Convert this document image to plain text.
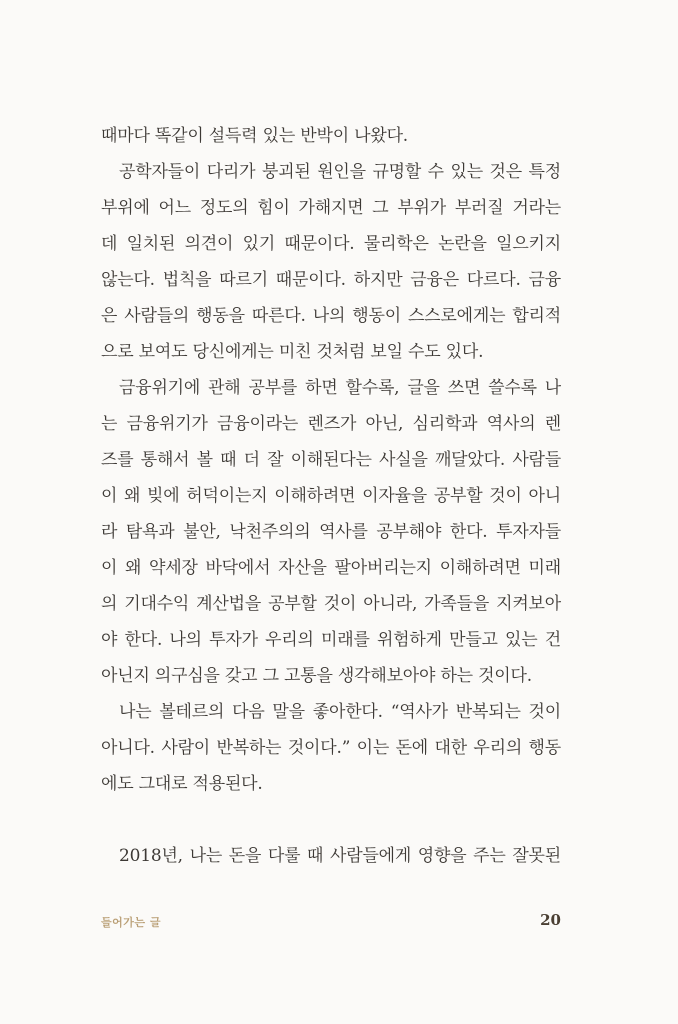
때마다 똑같이 설득력 있는 반박이 나왔다.
공학자들이 다리가 붕괴된 원인을 규명할 수 있는 것은 특정
부위에 어느 정도의 힘이 가해지면 그 부위가 부러질 거라는
데 일치된 의견이 있기 때문이다. 물리학은 논란을 일으키지
않는다. 법칙을 따르기 때문이다. 하지만 금융은 다르다. 금융
은 사람들의 행동을 따른다. 나의 행동이 스스로에게는 합리적
으로 보여도 당신에게는 미친 것처럼 보일 수도 있다.
금융위기에 관해 공부를 하면 할수록, 글을 쓰면 쓸수록 나
는 금융위기가 금융이라는 렌즈가 아닌, 심리학과 역사의 렌
즈를 통해서 볼 때 더 잘 이해된다는 사실을 깨달았다. 사람들
이 왜 빚에 허덕이는지 이해하려면 이자율을 공부할 것이 아니
라 탐욕과 불안, 낙천주의의 역사를 공부해야 한다. 투자자들
이 왜 약세장 바닥에서 자산을 팔아버리는지 이해하려면 미래
의 기대수익 계산법을 공부할 것이 아니라, 가족들을 지켜보아
야 한다. 나의 투자가 우리의 미래를 위험하게 만들고 있는 건
아닌지 의구심을 갖고 그 고통을 생각해보아야 하는 것이다.
나는 볼테르의 다음 말을 좋아한다. “역사가 반복되는 것이
아니다. 사람이 반복하는 것이다.” 이는 돈에 대한 우리의 행동
에도 그대로 적용된다.
2018년, 나는 돈을 다룰 때 사람들에게 영향을 주는 잘못된
들어가는 글	20
